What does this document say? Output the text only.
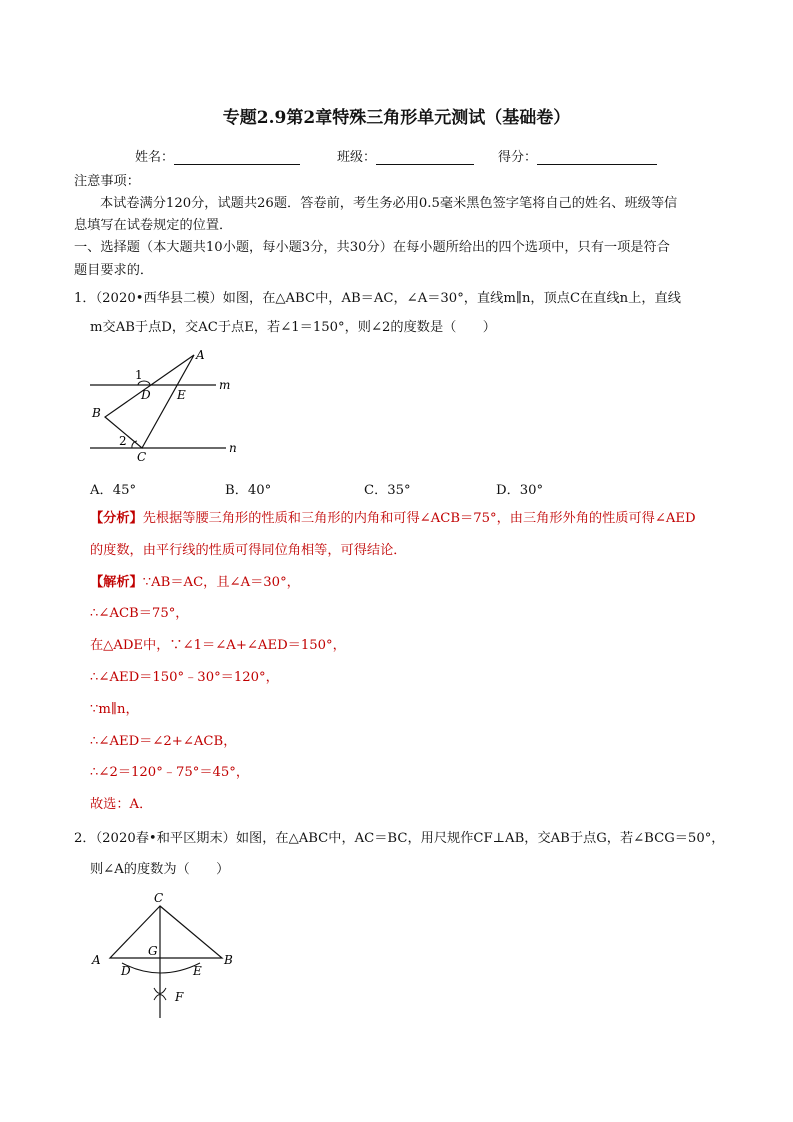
专题2.9第2章特殊三角形单元测试（基础卷）
姓名：	班级：	得分：
注意事项：
本试卷满分120分，试题共26题．答卷前，考生务必用0.5毫米黑色签字笔将自己的姓名、班级等信
息填写在试卷规定的位置．
一、选择题（本大题共10小题，每小题3分，共30分）在每小题所给出的四个选项中，只有一项是符合
题目要求的．
1．（2020•西华县二模）如图，在△ABC中，AB＝AC，∠A＝30°，直线m∥n，顶点C在直线n上，直线
m交AB于点D，交AC于点E，若∠1＝150°，则∠2的度数是（　　）
A
B
C
D E
m
n
1
2
A．45°	B．40°	C．35°	D．30°
【分析】先根据等腰三角形的性质和三角形的内角和可得∠ACB＝75°，由三角形外角的性质可得∠AED
的度数，由平行线的性质可得同位角相等，可得结论．
【解析】∵AB＝AC，且∠A＝30°，
∴∠ACB＝75°，
在△ADE中，∵∠1＝∠A+∠AED＝150°，
∴∠AED＝150°﹣30°＝120°，
∵m∥n，
∴∠AED＝∠2+∠ACB，
∴∠2＝120°﹣75°＝45°，
故选：A．
2．（2020春•和平区期末）如图，在△ABC中，AC＝BC，用尺规作CF⊥AB，交AB于点G，若∠BCG＝50°，
则∠A的度数为（　　）
C
A	B
D	E
G
F
